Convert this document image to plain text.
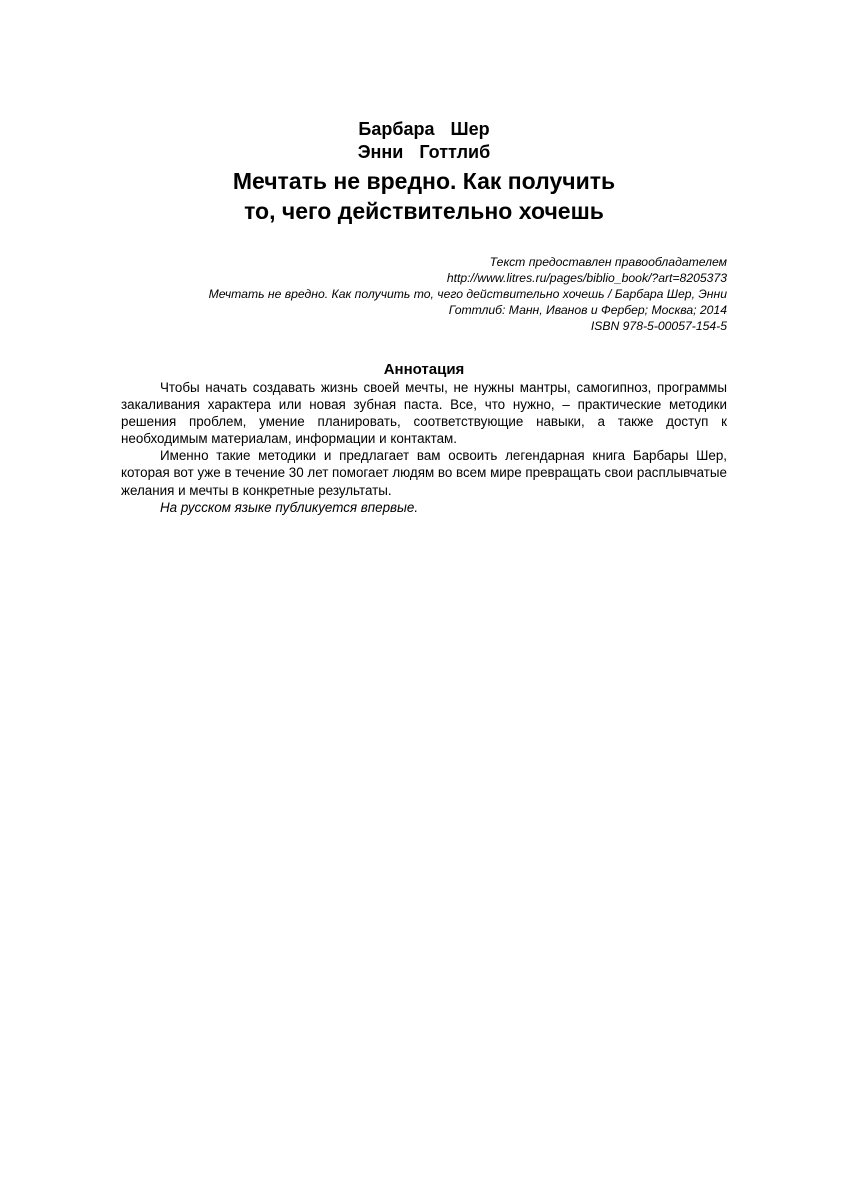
Барбара  Шер
Энни  Готтлиб
Мечтать не вредно. Как получить
то, чего действительно хочешь
Текст предоставлен правообладателем
http://www.litres.ru/pages/biblio_book/?art=8205373
Мечтать не вредно. Как получить то, чего действительно хочешь / Барбара Шер, Энни
Готтлиб: Манн, Иванов и Фербер; Москва; 2014
ISBN 978-5-00057-154-5
Аннотация

Чтобы начать создавать жизнь своей мечты, не нужны мантры, самогипноз, программы закаливания характера или новая зубная паста. Все, что нужно, – практические методики решения проблем, умение планировать, соответствующие навыки, а также доступ к необходимым материалам, информации и контактам.

Именно такие методики и предлагает вам освоить легендарная книга Барбары Шер, которая вот уже в течение 30 лет помогает людям во всем мире превращать свои расплывчатые желания и мечты в конкретные результаты.

На русском языке публикуется впервые.
